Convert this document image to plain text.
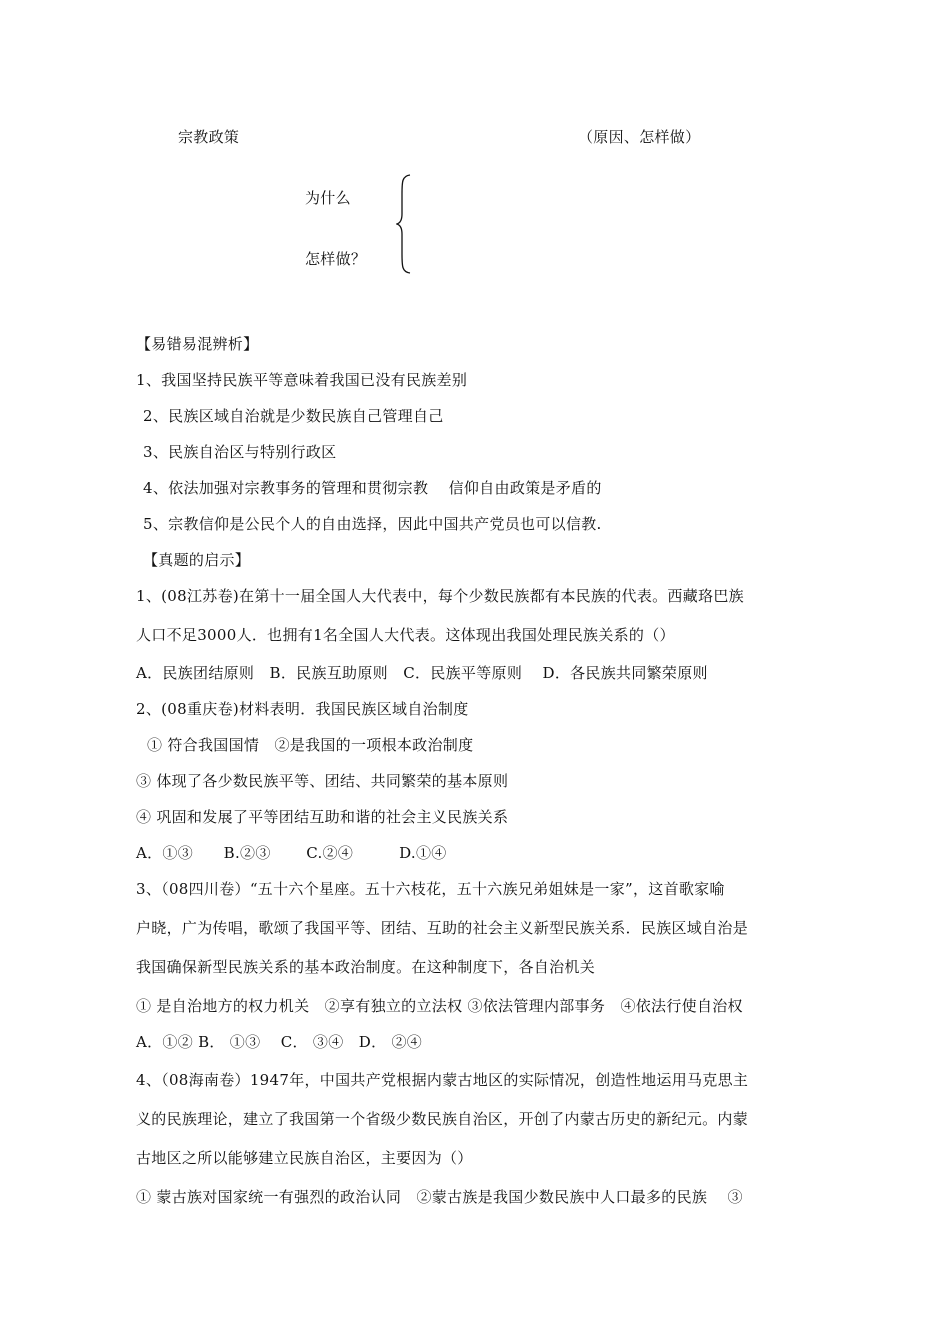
宗教政策	（原因、怎样做）
为什么
怎样做？
【易错易混辨析】
1、我国坚持民族平等意味着我国已没有民族差别
2、民族区域自治就是少数民族自己管理自己
3、民族自治区与特别行政区
4、依法加强对宗教事务的管理和贯彻宗教　 信仰自由政策是矛盾的
5、宗教信仰是公民个人的自由选择，因此中国共产党员也可以信教.
【真题的启示】
1、(08江苏卷)在第十一届全国人大代表中，每个少数民族都有本民族的代表。西藏珞巴族
人口不足3000人．也拥有1名全国人大代表。这体现出我国处理民族关系的（）
A．民族团结原则　B．民族互助原则　C．民族平等原则　 D．各民族共同繁荣原则
2、(08重庆卷)材料表明．我国民族区域自治制度
① 符合我国国情　②是我国的一项根本政治制度
③ 体现了各少数民族平等、团结、共同繁荣的基本原则
④ 巩固和发展了平等团结互助和谐的社会主义民族关系
A．①③　　B.②③　　 C.②④　　　D.①④
3、（08四川卷）“五十六个星座。五十六枝花，五十六族兄弟姐妹是一家”，这首歌家喻
户晓，广为传唱，歌颂了我国平等、团结、互助的社会主义新型民族关系．民族区域自治是
我国确保新型民族关系的基本政治制度。在这种制度下，各自治机关
① 是自治地方的权力机关　②享有独立的立法权 ③依法管理内部事务　④依法行使自治权
A．①② B． ①③　 C． ③④　D． ②④
4、（08海南卷）1947年，中国共产党根据内蒙古地区的实际情况，创造性地运用马克思主
义的民族理论，建立了我国第一个省级少数民族自治区，开创了内蒙古历史的新纪元。内蒙
古地区之所以能够建立民族自治区，主要因为（）
① 蒙古族对国家统一有强烈的政治认同　②蒙古族是我国少数民族中人口最多的民族　 ③
